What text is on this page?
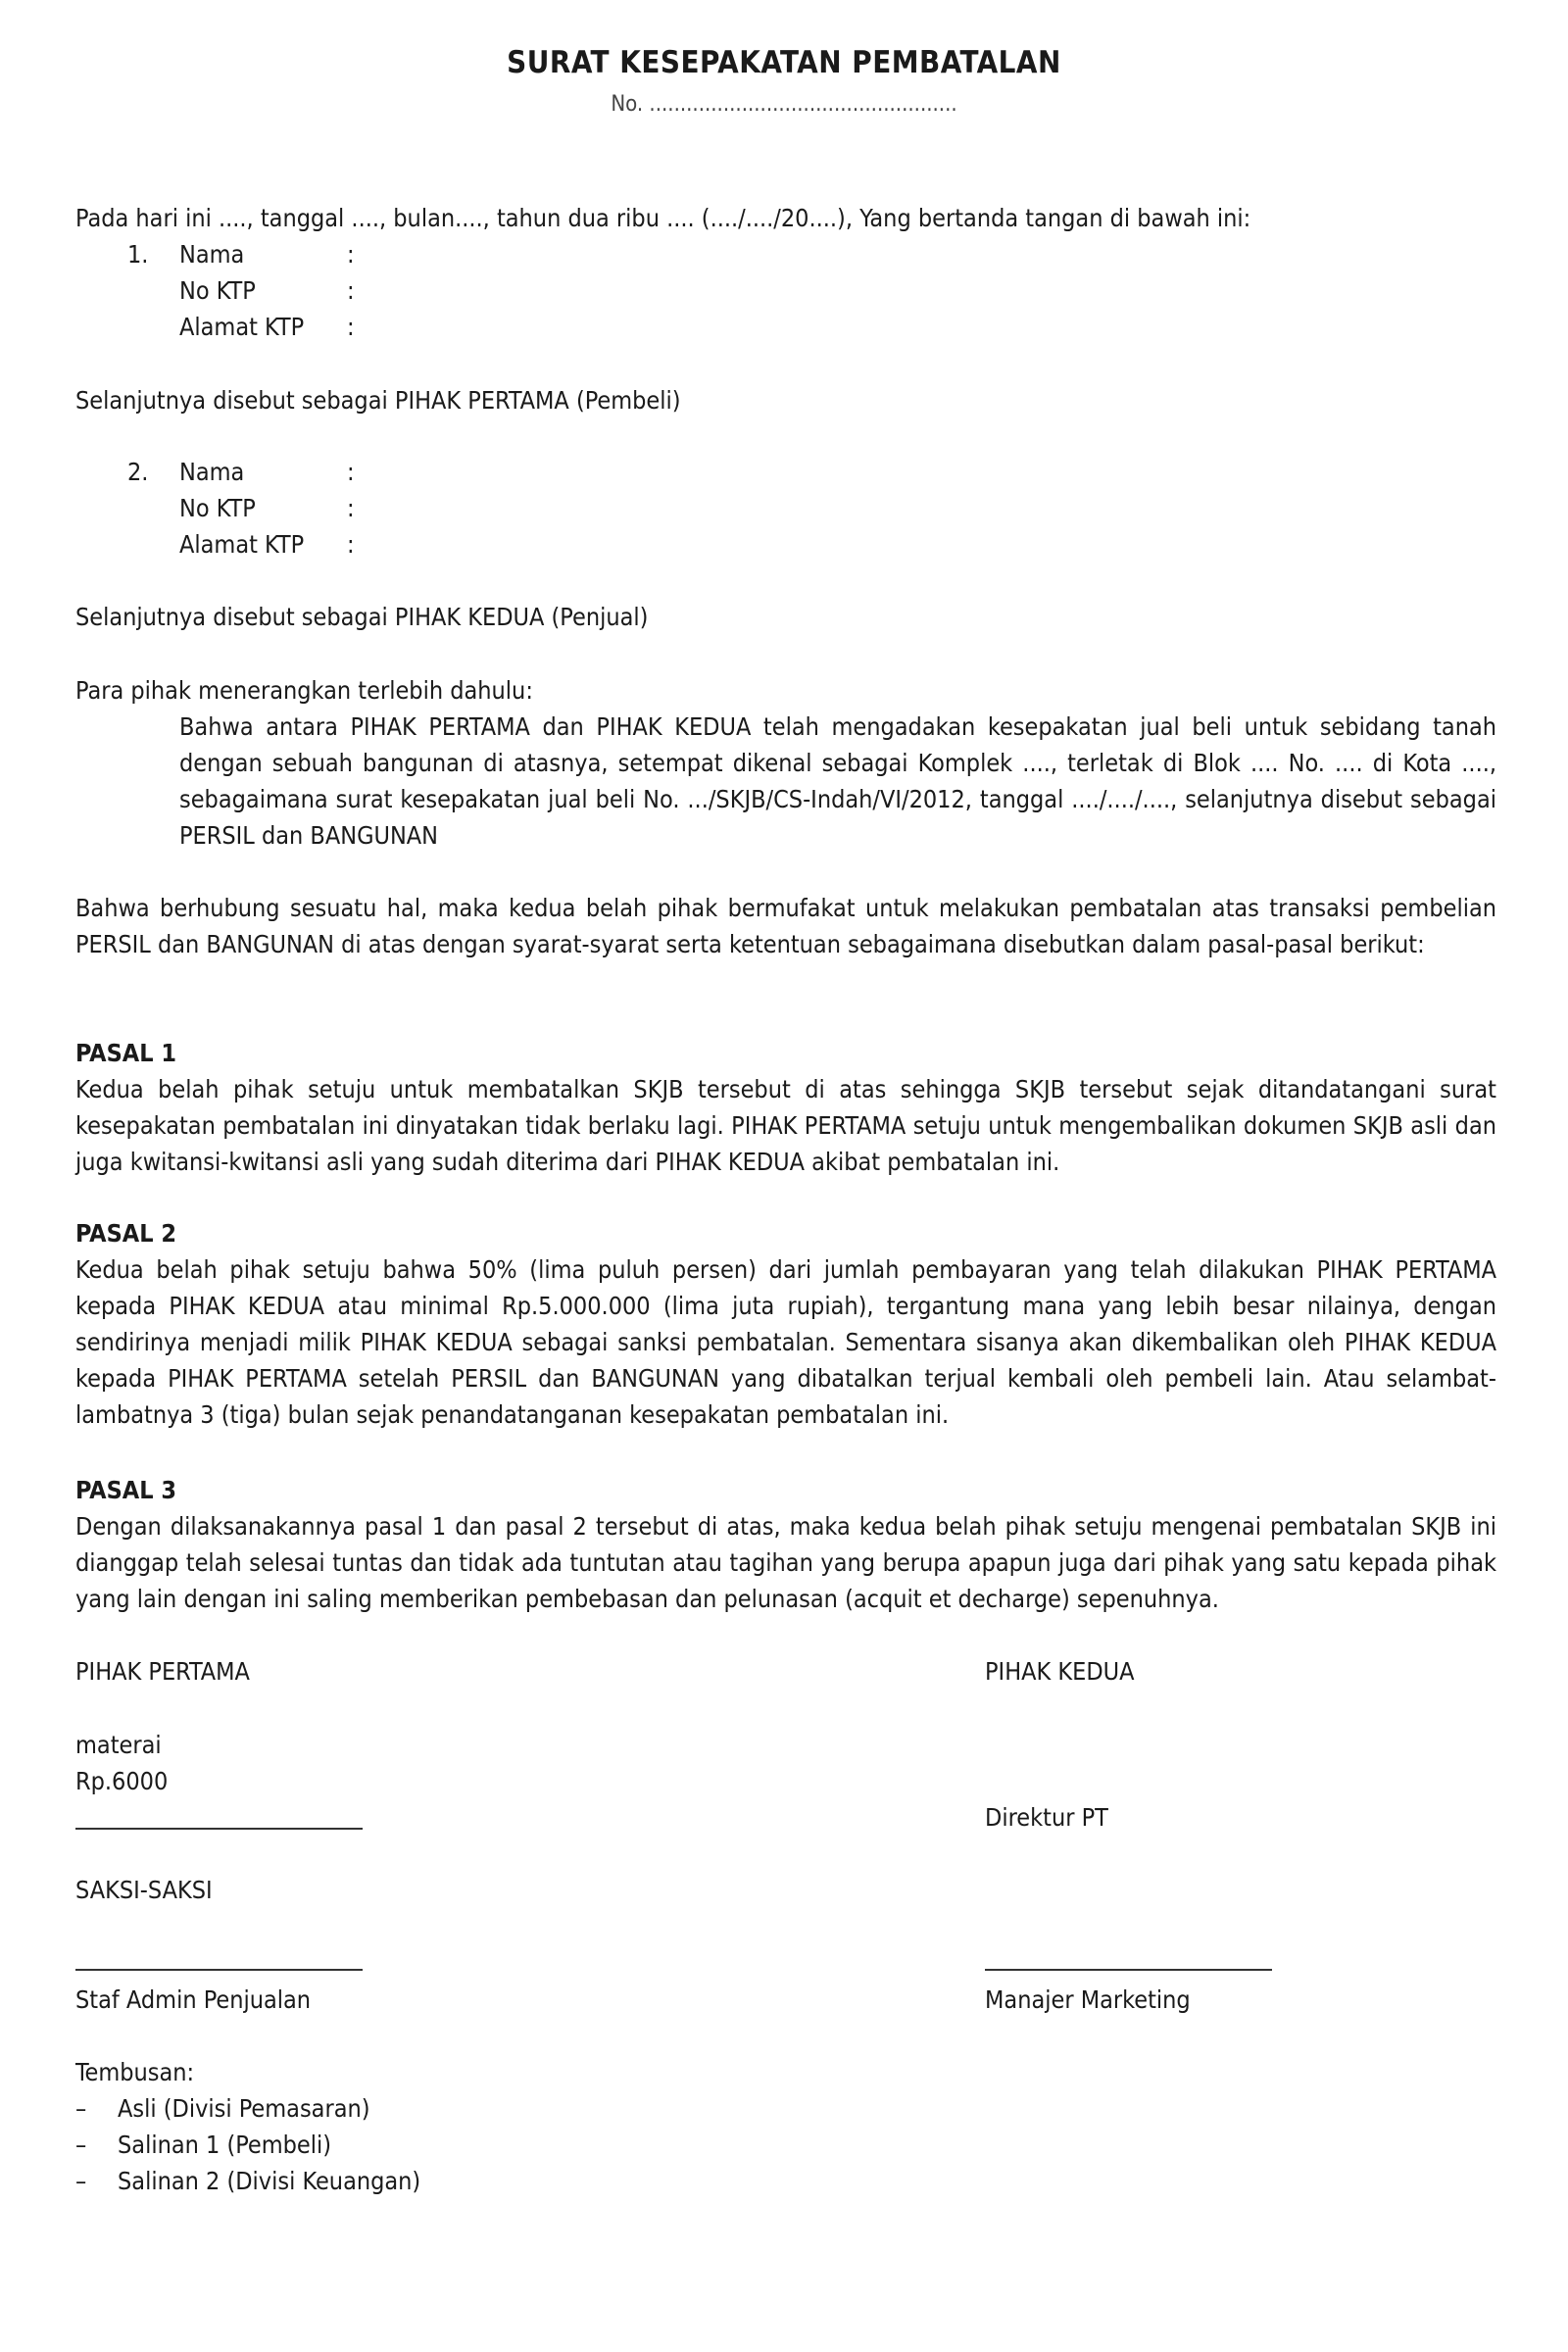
SURAT KESEPAKATAN PEMBATALAN
No. ..................................................
Pada hari ini ...., tanggal ...., bulan...., tahun dua ribu .... (..../..../20....), Yang bertanda tangan di bawah ini:
1. Nama	:
No KTP	:
Alamat KTP :
Selanjutnya disebut sebagai PIHAK PERTAMA (Pembeli)
2. Nama	:
No KTP	:
Alamat KTP :
Selanjutnya disebut sebagai PIHAK KEDUA (Penjual)
Para pihak menerangkan terlebih dahulu:
Bahwa antara PIHAK PERTAMA dan PIHAK KEDUA telah mengadakan kesepakatan jual beli untuk sebidang tanah dengan sebuah bangunan di atasnya, setempat dikenal sebagai Komplek ...., terletak di Blok .... No. .... di Kota ...., sebagaimana surat kesepakatan jual beli No. .../SKJB/CS-Indah/VI/2012, tanggal ..../..../...., selanjutnya disebut sebagai PERSIL dan BANGUNAN
Bahwa berhubung sesuatu hal, maka kedua belah pihak bermufakat untuk melakukan pembatalan atas transaksi pembelian PERSIL dan BANGUNAN di atas dengan syarat-syarat serta ketentuan sebagaimana disebutkan dalam pasal-pasal berikut:
PASAL 1
Kedua belah pihak setuju untuk membatalkan SKJB tersebut di atas sehingga SKJB tersebut sejak ditandatangani surat kesepakatan pembatalan ini dinyatakan tidak berlaku lagi. PIHAK PERTAMA setuju untuk mengembalikan dokumen SKJB asli dan juga kwitansi-kwitansi asli yang sudah diterima dari PIHAK KEDUA akibat pembatalan ini.
PASAL 2
Kedua belah pihak setuju bahwa 50% (lima puluh persen) dari jumlah pembayaran yang telah dilakukan PIHAK PERTAMA kepada PIHAK KEDUA atau minimal Rp.5.000.000 (lima juta rupiah), tergantung mana yang lebih besar nilainya, dengan sendirinya menjadi milik PIHAK KEDUA sebagai sanksi pembatalan. Sementara sisanya akan dikembalikan oleh PIHAK KEDUA kepada PIHAK PERTAMA setelah PERSIL dan BANGUNAN yang dibatalkan terjual kembali oleh pembeli lain. Atau selambat-lambatnya 3 (tiga) bulan sejak penandatanganan kesepakatan pembatalan ini.
PASAL 3
Dengan dilaksanakannya pasal 1 dan pasal 2 tersebut di atas, maka kedua belah pihak setuju mengenai pembatalan SKJB ini dianggap telah selesai tuntas dan tidak ada tuntutan atau tagihan yang berupa apapun juga dari pihak yang satu kepada pihak yang lain dengan ini saling memberikan pembebasan dan pelunasan (acquit et decharge) sepenuhnya.
PIHAK PERTAMA	PIHAK KEDUA
materai
Rp.6000
Direktur PT
SAKSI-SAKSI
Staf Admin Penjualan	Manajer Marketing
Tembusan:
– Asli (Divisi Pemasaran)
– Salinan 1 (Pembeli)
– Salinan 2 (Divisi Keuangan)
